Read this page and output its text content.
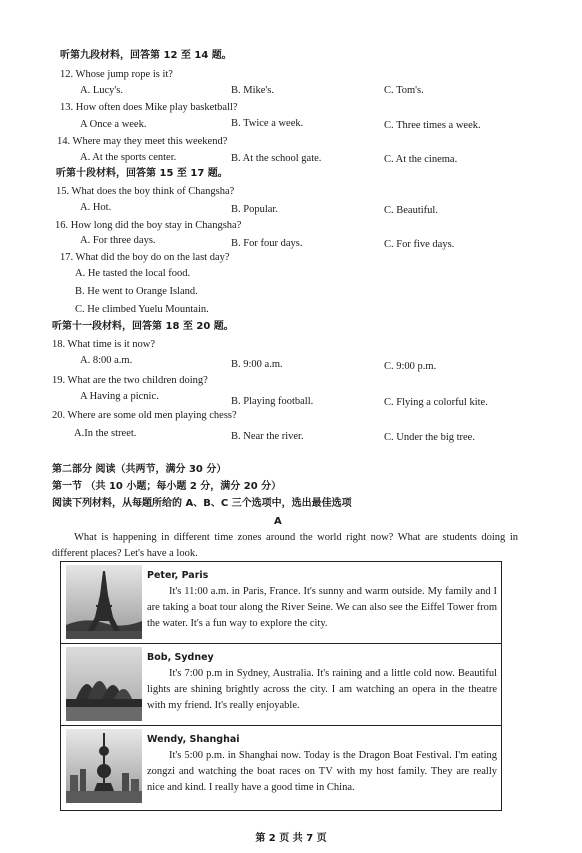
听第九段材料，回答第 12 至 14 题。
12. Whose jump rope is it?
A. Lucy's.	B. Mike's.	C. Tom's.
13. How often does Mike play basketball?
A Once a week.	B. Twice a week.	C. Three times a week.
14. Where may they meet this weekend?
A. At the sports center.	B. At the school gate.	C. At the cinema.
听第十段材料，回答第 15 至 17 题。
15. What does the boy think of Changsha?
A. Hot.	B. Popular.	C. Beautiful.
16. How long did the boy stay in Changsha?
A. For three days.	B. For four days.	C. For five days.
17. What did the boy do on the last day?
A. He tasted the local food.
B. He went to Orange Island.
C. He climbed Yuelu Mountain.
听第十一段材料，回答第 18 至 20 题。
18. What time is it now?
A. 8:00 a.m.	B. 9:00 a.m.	C. 9:00 p.m.
19. What are the two children doing?
A Having a picnic.	B. Playing football.	C. Flying a colorful kite.
20. Where are some old men playing chess?
A.In the street.	B. Near the river.	C. Under the big tree.
第二部分 阅读（共两节，满分 30 分）
第一节 （共 10 小题；每小题 2 分，满分 20 分）
阅读下列材料，从每题所给的 A、B、C 三个选项中，选出最佳选项
A
What is happening in different time zones around the world right now? What are students doing in different places? Let's have a look.
Peter, Paris
It's 11:00 a.m. in Paris, France. It's sunny and warm outside. My family and I are taking a boat tour along the River Seine. We can also see the Eiffel Tower from the water. It's a fun way to explore the city.
Bob, Sydney
It's 7:00 p.m in Sydney, Australia. It's raining and a little cold now. Beautiful lights are shining brightly across the city. I am watching an opera in the theatre with my friend. It's really enjoyable.
Wendy, Shanghai
It's 5:00 p.m. in Shanghai now. Today is the Dragon Boat Festival. I'm eating zongzi and watching the boat races on TV with my host family. They are really nice and kind. I really have a good time in China.
第 2 页 共 7 页
